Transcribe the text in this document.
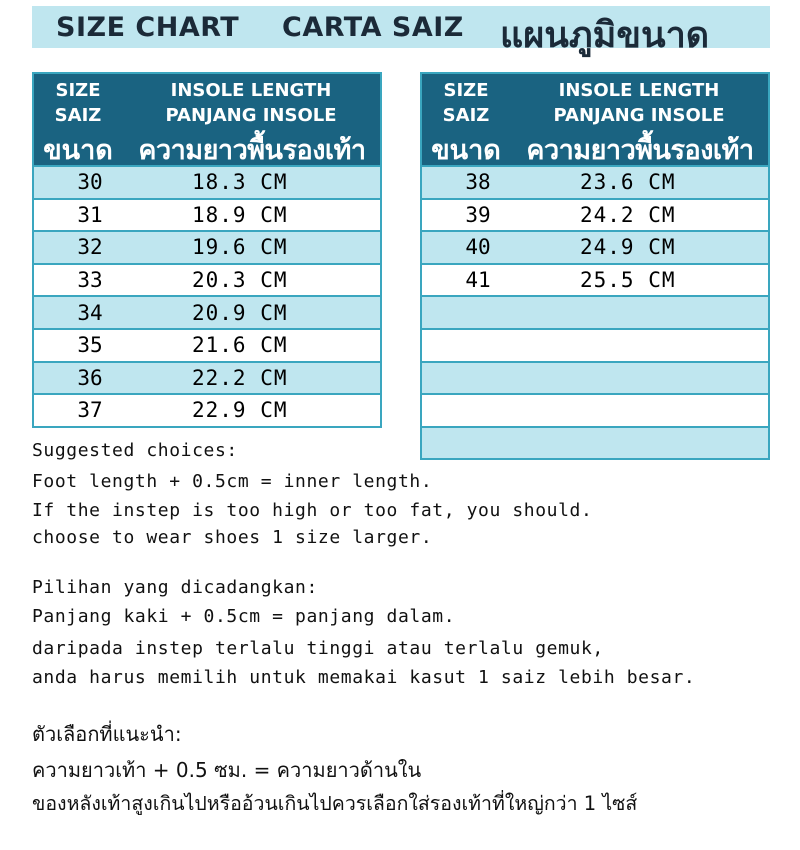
SIZE CHART CARTA SAIZ แผนภูมิขนาด
SIZE
SAIZ
ขนาด
INSOLE LENGTH
PANJANG INSOLE
ความยาวพื้นรองเท้า
30	18.3 CM
31	18.9 CM
32	19.6 CM
33	20.3 CM
34	20.9 CM
35	21.6 CM
36	22.2 CM
37	22.9 CM
SIZE
SAIZ
ขนาด
INSOLE LENGTH
PANJANG INSOLE
ความยาวพื้นรองเท้า
38	23.6 CM
39	24.2 CM
40	24.9 CM
41	25.5 CM
Suggested choices:
Foot length + 0.5cm = inner length.
If the instep is too high or too fat, you should.
choose to wear shoes 1 size larger.
Pilihan yang dicadangkan:
Panjang kaki + 0.5cm = panjang dalam.
daripada instep terlalu tinggi atau terlalu gemuk,
anda harus memilih untuk memakai kasut 1 saiz lebih besar.
ตัวเลือกที่แนะนำ:
ความยาวเท้า + 0.5 ซม. = ความยาวด้านใน
ของหลังเท้าสูงเกินไปหรืออ้วนเกินไปควรเลือกใส่รองเท้าที่ใหญ่กว่า 1 ไซส์
